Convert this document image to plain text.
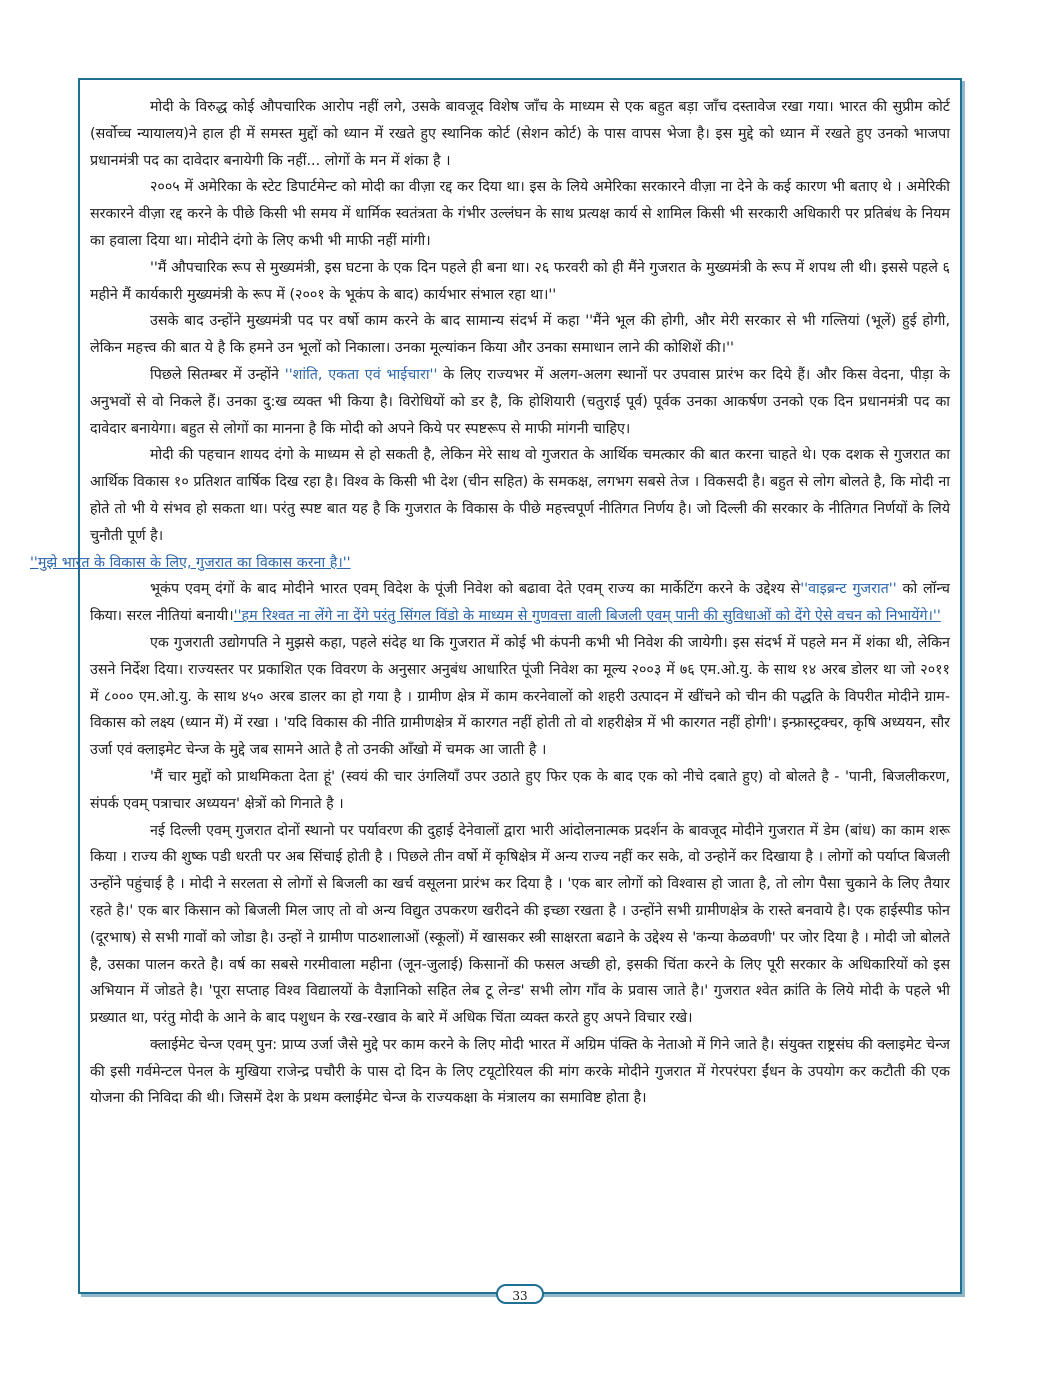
मोदी के विरुद्ध कोई औपचारिक आरोप नहीं लगे, उसके बावजूद विशेष जाँच के माध्यम से एक बहुत बड़ा जाँच दस्तावेज रखा गया। भारत की सुप्रीम कोर्ट (सर्वोच्च न्यायालय)ने हाल ही में समस्त मुद्दों को ध्यान में रखते हुए स्थानिक कोर्ट (सेशन कोर्ट) के पास वापस भेजा है। इस मुद्दे को ध्यान में रखते हुए उनको भाजपा प्रधानमंत्री पद का दावेदार बनायेगी कि नहीं... लोगों के मन में शंका है ।

२००५ में अमेरिका के स्टेट डिपार्टमेन्ट को मोदी का वीज़ा रद्द कर दिया था। इस के लिये अमेरिका सरकारने वीज़ा ना देने के कई कारण भी बताए थे । अमेरिकी सरकारने वीज़ा रद्द करने के पीछे किसी भी समय में धार्मिक स्वतंत्रता के गंभीर उल्लंघन के साथ प्रत्यक्ष कार्य से शामिल किसी भी सरकारी अधिकारी पर प्रतिबंध के नियम का हवाला दिया था। मोदीने दंगो के लिए कभी भी माफी नहीं मांगी।

''मैं औपचारिक रूप से मुख्यमंत्री, इस घटना के एक दिन पहले ही बना था। २६ फरवरी को ही मैंने गुजरात के मुख्यमंत्री के रूप में शपथ ली थी। इससे पहले ६ महीने मैं कार्यकारी मुख्यमंत्री के रूप में (२००१ के भूकंप के बाद) कार्यभार संभाल रहा था।''

उसके बाद उन्होंने मुख्यमंत्री पद पर वर्षो काम करने के बाद सामान्य संदर्भ में कहा ''मैंने भूल की होगी, और मेरी सरकार से भी गल्तियां (भूलें) हुई होगी, लेकिन महत्त्व की बात ये है कि हमने उन भूलों को निकाला। उनका मूल्यांकन किया और उनका समाधान लाने की कोशिशें की।''

पिछले सितम्बर में उन्होंने ''शांति, एकता एवं भाईचारा'' के लिए राज्यभर में अलग-अलग स्थानों पर उपवास प्रारंभ कर दिये हैं। और किस वेदना, पीड़ा के अनुभवों से वो निकले हैं। उनका दु:ख व्यक्त भी किया है। विरोधियों को डर है, कि होशियारी (चतुराई पूर्व) पूर्वक उनका आकर्षण उनको एक दिन प्रधानमंत्री पद का दावेदार बनायेगा। बहुत से लोगों का मानना है कि मोदी को अपने किये पर स्पष्टरूप से माफी मांगनी चाहिए।

मोदी की पहचान शायद दंगो के माध्यम से हो सकती है, लेकिन मेरे साथ वो गुजरात के आर्थिक चमत्कार की बात करना चाहते थे। एक दशक से गुजरात का आर्थिक विकास १० प्रतिशत वार्षिक दिख रहा है। विश्व के किसी भी देश (चीन सहित) के समकक्ष, लगभग सबसे तेज । विकसदी है। बहुत से लोग बोलते है, कि मोदी ना होते तो भी ये संभव हो सकता था। परंतु स्पष्ट बात यह है कि गुजरात के विकास के पीछे महत्त्वपूर्ण नीतिगत निर्णय है। जो दिल्ली की सरकार के नीतिगत निर्णयों के लिये चुनौती पूर्ण है।
''मुझे भारत के विकास के लिए, गुजरात का विकास करना है।''

भूकंप एवम् दंगों के बाद मोदीने भारत एवम् विदेश के पूंजी निवेश को बढावा देते एवम् राज्य का मार्केटिंग करने के उद्देश्य से''वाइब्रन्ट गुजरात'' को लॉन्च किया। सरल नीतियां बनायी।''हम रिश्वत ना लेंगे ना देंगे परंतु सिंगल विंडो के माध्यम से गुणवत्ता वाली बिजली एवम् पानी की सुविधाओं को देंगे ऐसे वचन को निभायेंगे।''

एक गुजराती उद्योगपति ने मुझसे कहा, पहले संदेह था कि गुजरात में कोई भी कंपनी कभी भी निवेश की जायेगी। इस संदर्भ में पहले मन में शंका थी, लेकिन उसने निर्देश दिया। राज्यस्तर पर प्रकाशित एक विवरण के अनुसार अनुबंध आधारित पूंजी निवेश का मूल्य २००३ में ७६ एम.ओ.यु. के साथ १४ अरब डोलर था जो २०११ में ८००० एम.ओ.यु. के साथ ४५० अरब डालर का हो गया है । ग्रामीण क्षेत्र में काम करनेवालों को शहरी उत्पादन में खींचने को चीन की पद्धति के विपरीत मोदीने ग्राम-विकास को लक्ष्य (ध्यान में) में रखा । 'यदि विकास की नीति ग्रामीणक्षेत्र में कारगत नहीं होती तो वो शहरीक्षेत्र में भी कारगत नहीं होगी'। इन्फ्रास्ट्रक्चर, कृषि अध्ययन, सौर उर्जा एवं क्लाइमेट चेन्ज के मुद्दे जब सामने आते है तो उनकी आँखो में चमक आ जाती है ।

'मैं चार मुद्दों को प्राथमिकता देता हूं' (स्वयं की चार उंगलियाँ उपर उठाते हुए फिर एक के बाद एक को नीचे दबाते हुए) वो बोलते है - 'पानी, बिजलीकरण, संपर्क एवम् पत्राचार अध्ययन' क्षेत्रों को गिनाते है ।

नई दिल्ली एवम् गुजरात दोनों स्थानो पर पर्यावरण की दुहाई देनेवालों द्वारा भारी आंदोलनात्मक प्रदर्शन के बावजूद मोदीने गुजरात में डेम (बांध) का काम शरू किया । राज्य की शुष्क पडी धरती पर अब सिंचाई होती है । पिछले तीन वर्षो में कृषिक्षेत्र में अन्य राज्य नहीं कर सके, वो उन्होनें कर दिखाया है । लोगों को पर्याप्त बिजली उन्होंने पहुंचाई है । मोदी ने सरलता से लोगों से बिजली का खर्च वसूलना प्रारंभ कर दिया है । 'एक बार लोगों को विश्वास हो जाता है, तो लोग पैसा चुकाने के लिए तैयार रहते है।' एक बार किसान को बिजली मिल जाए तो वो अन्य विद्युत उपकरण खरीदने की इच्छा रखता है । उन्होंने सभी ग्रामीणक्षेत्र के रास्ते बनवाये है। एक हाईस्पीड फोन (दूरभाष) से सभी गावों को जोडा है। उन्हों ने ग्रामीण पाठशालाओं (स्कूलों) में खासकर स्त्री साक्षरता बढाने के उद्देश्य से 'कन्या केळवणी' पर जोर दिया है । मोदी जो बोलते है, उसका पालन करते है। वर्ष का सबसे गरमीवाला महीना (जून-जुलाई) किसानों की फसल अच्छी हो, इसकी चिंता करने के लिए पूरी सरकार के अधिकारियों को इस अभियान में जोडते है। 'पूरा सप्ताह विश्व विद्यालयों के वैज्ञानिको सहित लेब टू लेन्ड' सभी लोग गाँव के प्रवास जाते है।' गुजरात श्वेत क्रांति के लिये मोदी के पहले भी प्रख्यात था, परंतु मोदी के आने के बाद पशुधन के रख-रखाव के बारे में अधिक चिंता व्यक्त करते हुए अपने विचार रखे।

क्लाईमेट चेन्ज एवम् पुन: प्राप्य उर्जा जैसे मुद्दे पर काम करने के लिए मोदी भारत में अग्रिम पंक्ति के नेताओ में गिने जाते है। संयुक्त राष्ट्रसंघ की क्लाइमेट चेन्ज की इसी गर्वमेन्टल पेनल के मुखिया राजेन्द्र पचौरी के पास दो दिन के लिए टयूटोरियल की मांग करके मोदीने गुजरात में गेरपरंपरा ईंधन के उपयोग कर कटौती की एक योजना की निविदा की थी। जिसमें देश के प्रथम क्लाईमेट चेन्ज के राज्यकक्षा के मंत्रालय का समाविष्ट होता है।

33
